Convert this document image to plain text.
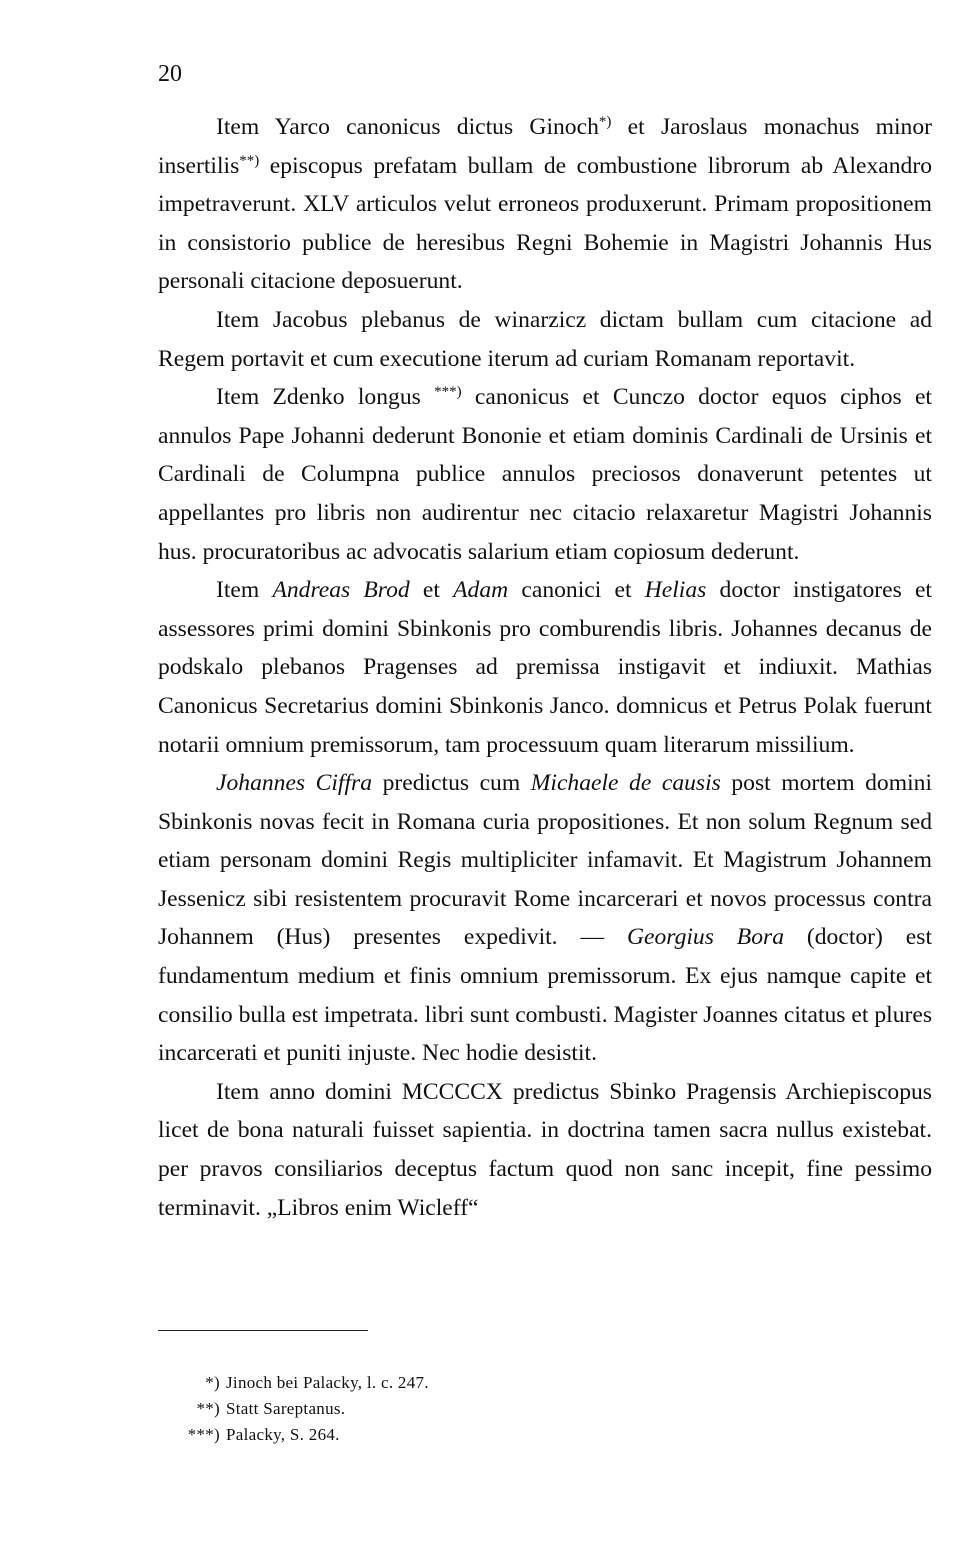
20

Item Yarco canonicus dictus Ginoch*) et Jaroslaus monachus minor insertilis**) episcopus prefatam bullam de combustione librorum ab Alexandro impetraverunt. XLV articulos velut erroneos produxerunt. Primam propositionem in consistorio publice de heresibus Regni Bohemie in Magistri Johannis Hus personali citacione deposuerunt.

Item Jacobus plebanus de winarzicz dictam bullam cum citacione ad Regem portavit et cum executione iterum ad curiam Romanam reportavit.

Item Zdenko longus ***) canonicus et Cunczo doctor equos ciphos et annulos Pape Johanni dederunt Bononie et etiam dominis Cardinali de Ursinis et Cardinali de Columpna publice annulos preciosos donaverunt petentes ut appellantes pro libris non audirentur nec citacio relaxaretur Magistri Johannis hus. procuratoribus ac advocatis salarium etiam copiosum dederunt.

Item Andreas Brod et Adam canonici et Helias doctor instigatores et assessores primi domini Sbinkonis pro comburendis libris. Johannes decanus de podskalo plebanos Pragenses ad premissa instigavit et indiuxit. Mathias Canonicus Secretarius domini Sbinkonis Janco. domnicus et Petrus Polak fuerunt notarii omnium premissorum, tam processuum quam literarum missilium.

Johannes Ciffra predictus cum Michaele de causis post mortem domini Sbinkonis novas fecit in Romana curia propositiones. Et non solum Regnum sed etiam personam domini Regis multipliciter infamavit. Et Magistrum Johannem Jessenicz sibi resistentem procuravit Rome incarcerari et novos processus contra Johannem (Hus) presentes expedivit. — Georgius Bora (doctor) est fundamentum medium et finis omnium premissorum. Ex ejus namque capite et consilio bulla est impetrata. libri sunt combusti. Magister Joannes citatus et plures incarcerati et puniti injuste. Nec hodie desistit.

Item anno domini MCCCCX predictus Sbinko Pragensis Archiepiscopus licet de bona naturali fuisset sapientia. in doctrina tamen sacra nullus existebat. per pravos consiliarios deceptus factum quod non sanc incepit, fine pessimo terminavit. „Libros enim Wicleff“

*) Jinoch bei Palacky, l. c. 247.

**) Statt Sareptanus.

***) Palacky, S. 264.
